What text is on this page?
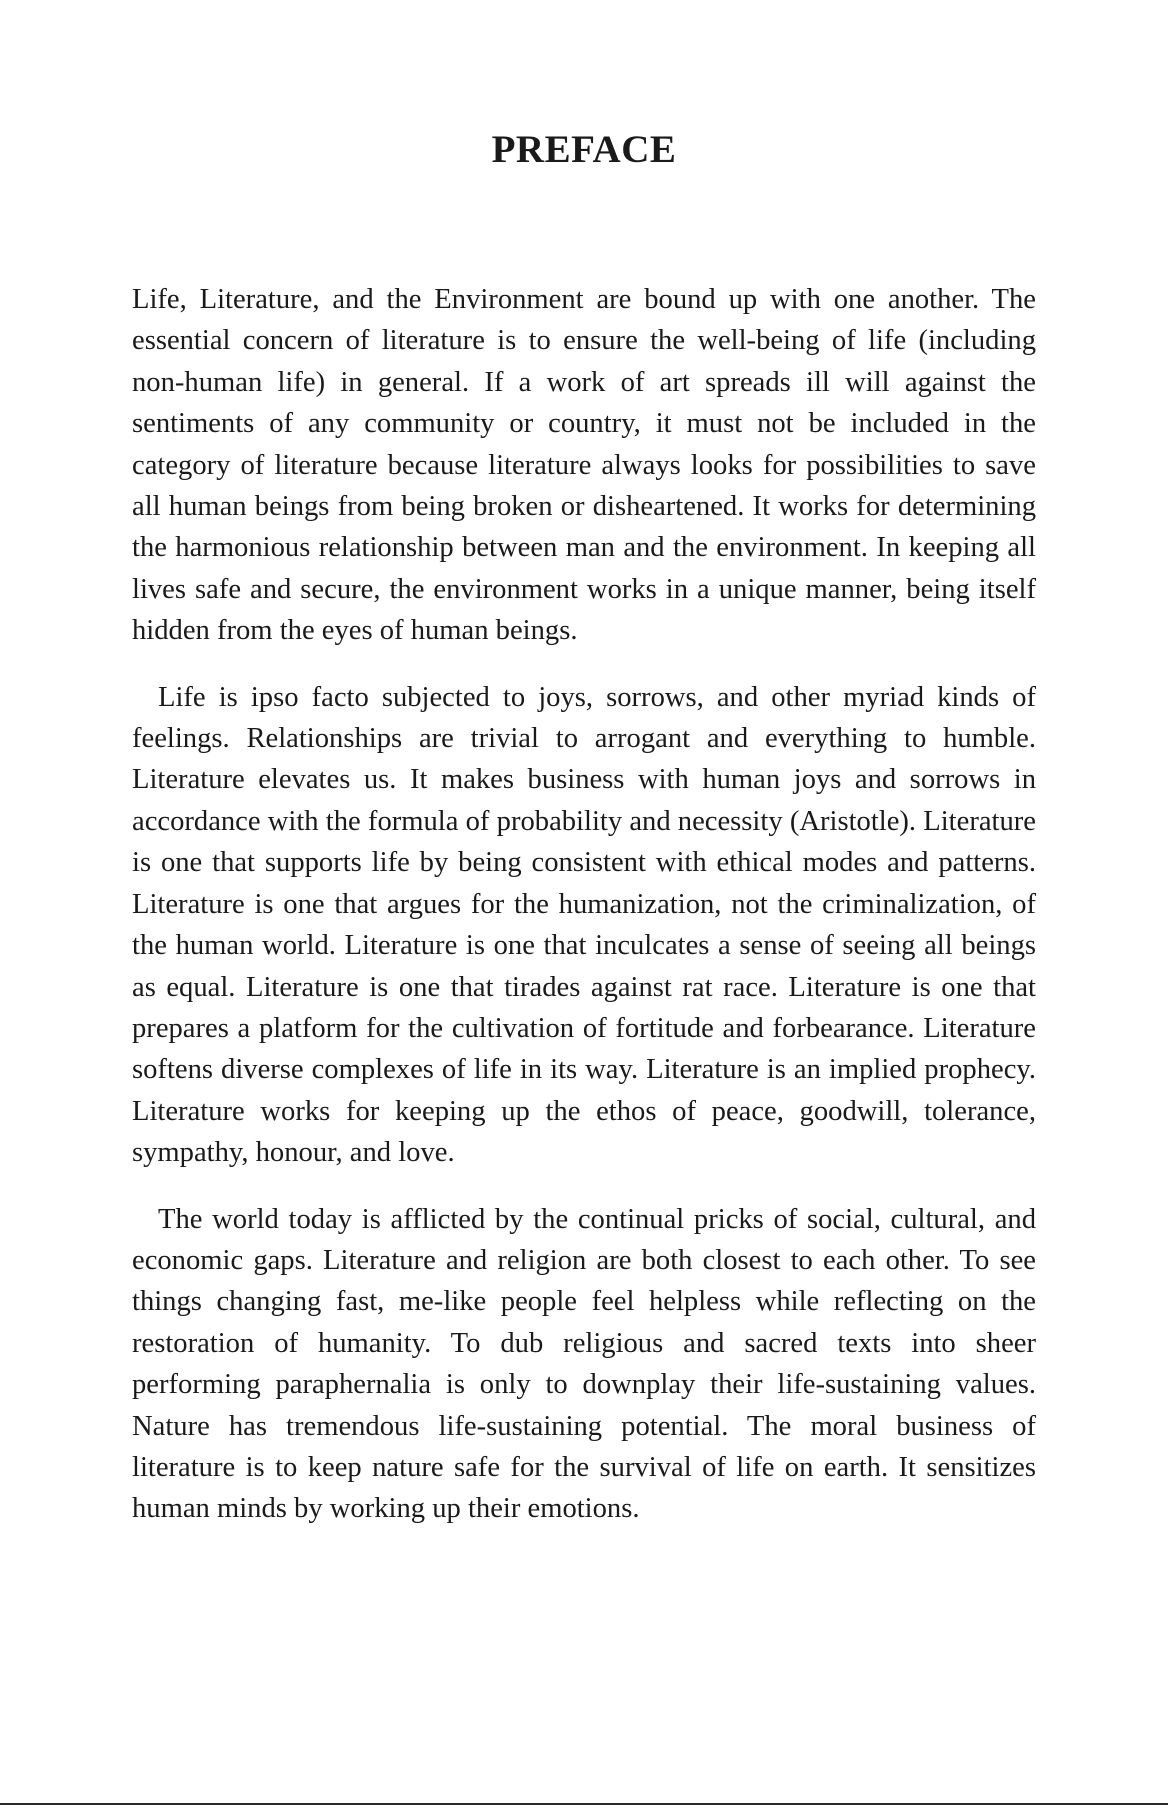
PREFACE

Life, Literature, and the Environment are bound up with one another. The essential concern of literature is to ensure the well-being of life (including non-human life) in general. If a work of art spreads ill will against the sentiments of any community or country, it must not be included in the category of literature because literature always looks for possibilities to save all human beings from being broken or disheartened. It works for determining the harmonious relationship between man and the environment. In keeping all lives safe and secure, the environment works in a unique manner, being itself hidden from the eyes of human beings.

Life is ipso facto subjected to joys, sorrows, and other myriad kinds of feelings. Relationships are trivial to arrogant and everything to humble. Literature elevates us. It makes business with human joys and sorrows in accordance with the formula of probability and necessity (Aristotle). Literature is one that supports life by being consistent with ethical modes and patterns. Literature is one that argues for the humanization, not the criminalization, of the human world. Literature is one that inculcates a sense of seeing all beings as equal. Literature is one that tirades against rat race. Literature is one that prepares a platform for the cultivation of fortitude and forbearance. Literature softens diverse complexes of life in its way. Literature is an implied prophecy. Literature works for keeping up the ethos of peace, goodwill, tolerance, sympathy, honour, and love.

The world today is afflicted by the continual pricks of social, cultural, and economic gaps. Literature and religion are both closest to each other. To see things changing fast, me-like people feel helpless while reflecting on the restoration of humanity. To dub religious and sacred texts into sheer performing paraphernalia is only to downplay their life-sustaining values. Nature has tremendous life-sustaining potential. The moral business of literature is to keep nature safe for the survival of life on earth. It sensitizes human minds by working up their emotions.
